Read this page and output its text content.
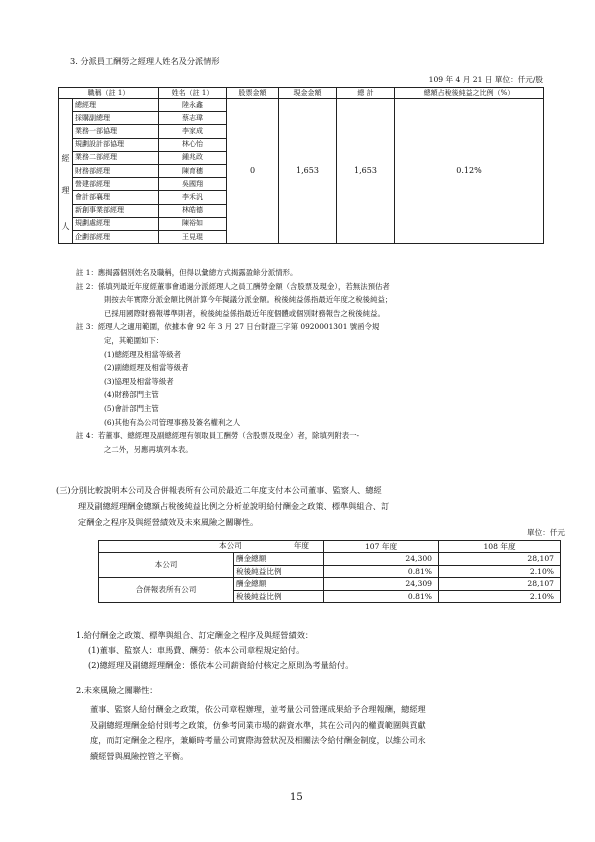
3. 分派員工酬勞之經理人姓名及分派情形
109 年 4 月 21 日 單位：仟元/股
職稱（註 1）		姓名（註 1）	股票金額	現金金額	總 計	總額占稅後純益之比例（%）

經
理
人	總經理	陸永鑫	0	1,653	1,653	0.12%
	採購副總理	蔡志瑋				
	業務一部協理	李家成				
	規劃設計部協理	林心怡				
	業務二部經理	鍾兆政				
	財務部經理	陳育穗				
	營建部經理	吳國翔				
	會計部襄理	李禾汎				
	新創事業部經理	林皓德				
	規劃處經理	陳裕如				
	企劃部經理	王見琨				
註 1：應揭露個別姓名及職稱，但得以彙總方式揭露盈餘分派情形。
註 2：係填列最近年度經董事會通過分派經理人之員工酬勞金額（含股票及現金），若無法預估者
則按去年實際分派金額比例計算今年擬議分派金額。稅後純益係指最近年度之稅後純益；
已採用國際財務報導準則者，稅後純益係指最近年度個體或個別財務報告之稅後純益。
註 3：經理人之適用範圍，依據本會 92 年 3 月 27 日台財證三字第 0920001301 號函令規
定，其範圍如下：
(1)總經理及相當等級者
(2)副總經理及相當等級者
(3)協理及相當等級者
(4)財務部門主管
(5)會計部門主管
(6)其他有為公司管理事務及簽名權利之人
註 4：若董事、總經理及副總經理有領取員工酬勞（含股票及現金）者，除填列附表一-
之二外，另應再填列本表。
(三)分別比較說明本公司及合併報表所有公司於最近二年度支付本公司董事、監察人、總經
理及副總經理酬金總額占稅後純益比例之分析並說明給付酬金之政策、標準與組合、訂
定酬金之程序及與經營績效及未來風險之關聯性。
單位：仟元
年度
本公司		107 年度	108 年度
本公司	酬金總額	24,300	28,107
	稅後純益比例	0.81%	2.10%
合併報表所有公司	酬金總額	24,309	28,107
	稅後純益比例	0.81%	2.10%
1.給付酬金之政策、標準與組合、訂定酬金之程序及與經營績效：
(1)董事、監察人：車馬費、酬勞：依本公司章程規定給付。
(2)總經理及副總經理酬金：係依本公司薪資給付核定之原則為考量給付。
2.未來風險之關聯性：
董事、監察人給付酬金之政策，依公司章程辦理，並考量公司營運成果給予合理報酬，總經理
及副總經理酬金給付則考之政策，仿參考同業市場的薪資水準，其在公司內的權責範圍與貢獻
度，而訂定酬金之程序，兼顧時考量公司實際海營狀況及相關法令給付酬金制度，以維公司永
續經營與風險控管之平衡。
15
